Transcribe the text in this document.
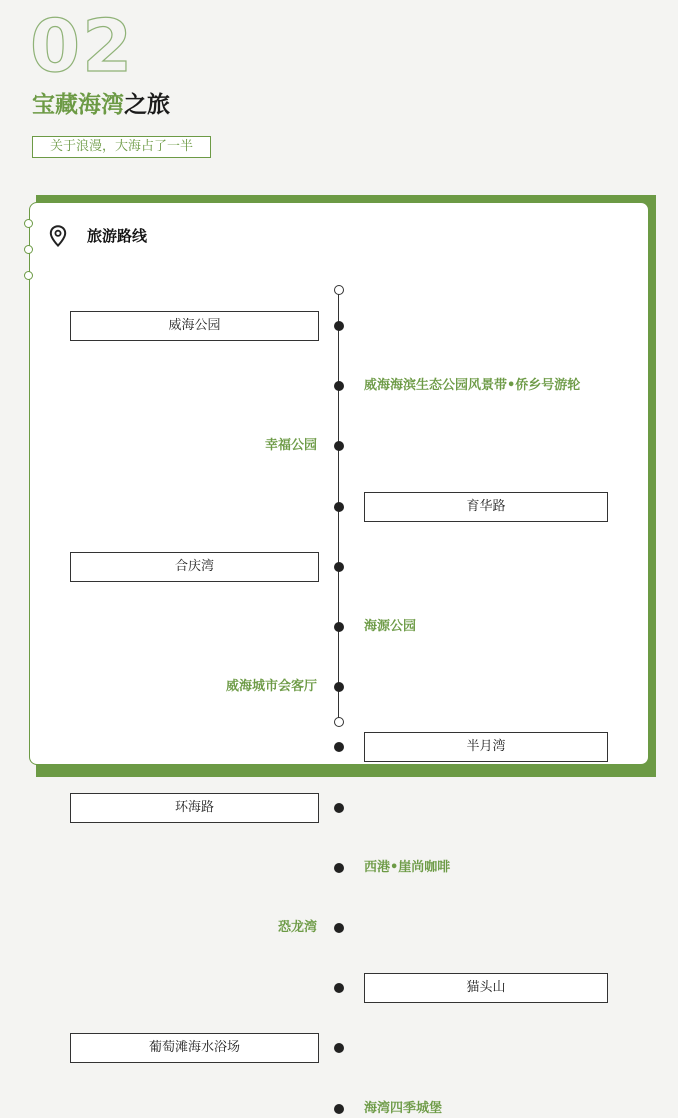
02
宝藏海湾之旅
关于浪漫，大海占了一半
旅游路线
威海公园
威海海滨生态公园风景带•侨乡号游轮
幸福公园
育华路
合庆湾
海源公园
威海城市会客厅
半月湾
环海路
西港•崖尚咖啡
恐龙湾
猫头山
葡萄滩海水浴场
海湾四季城堡
